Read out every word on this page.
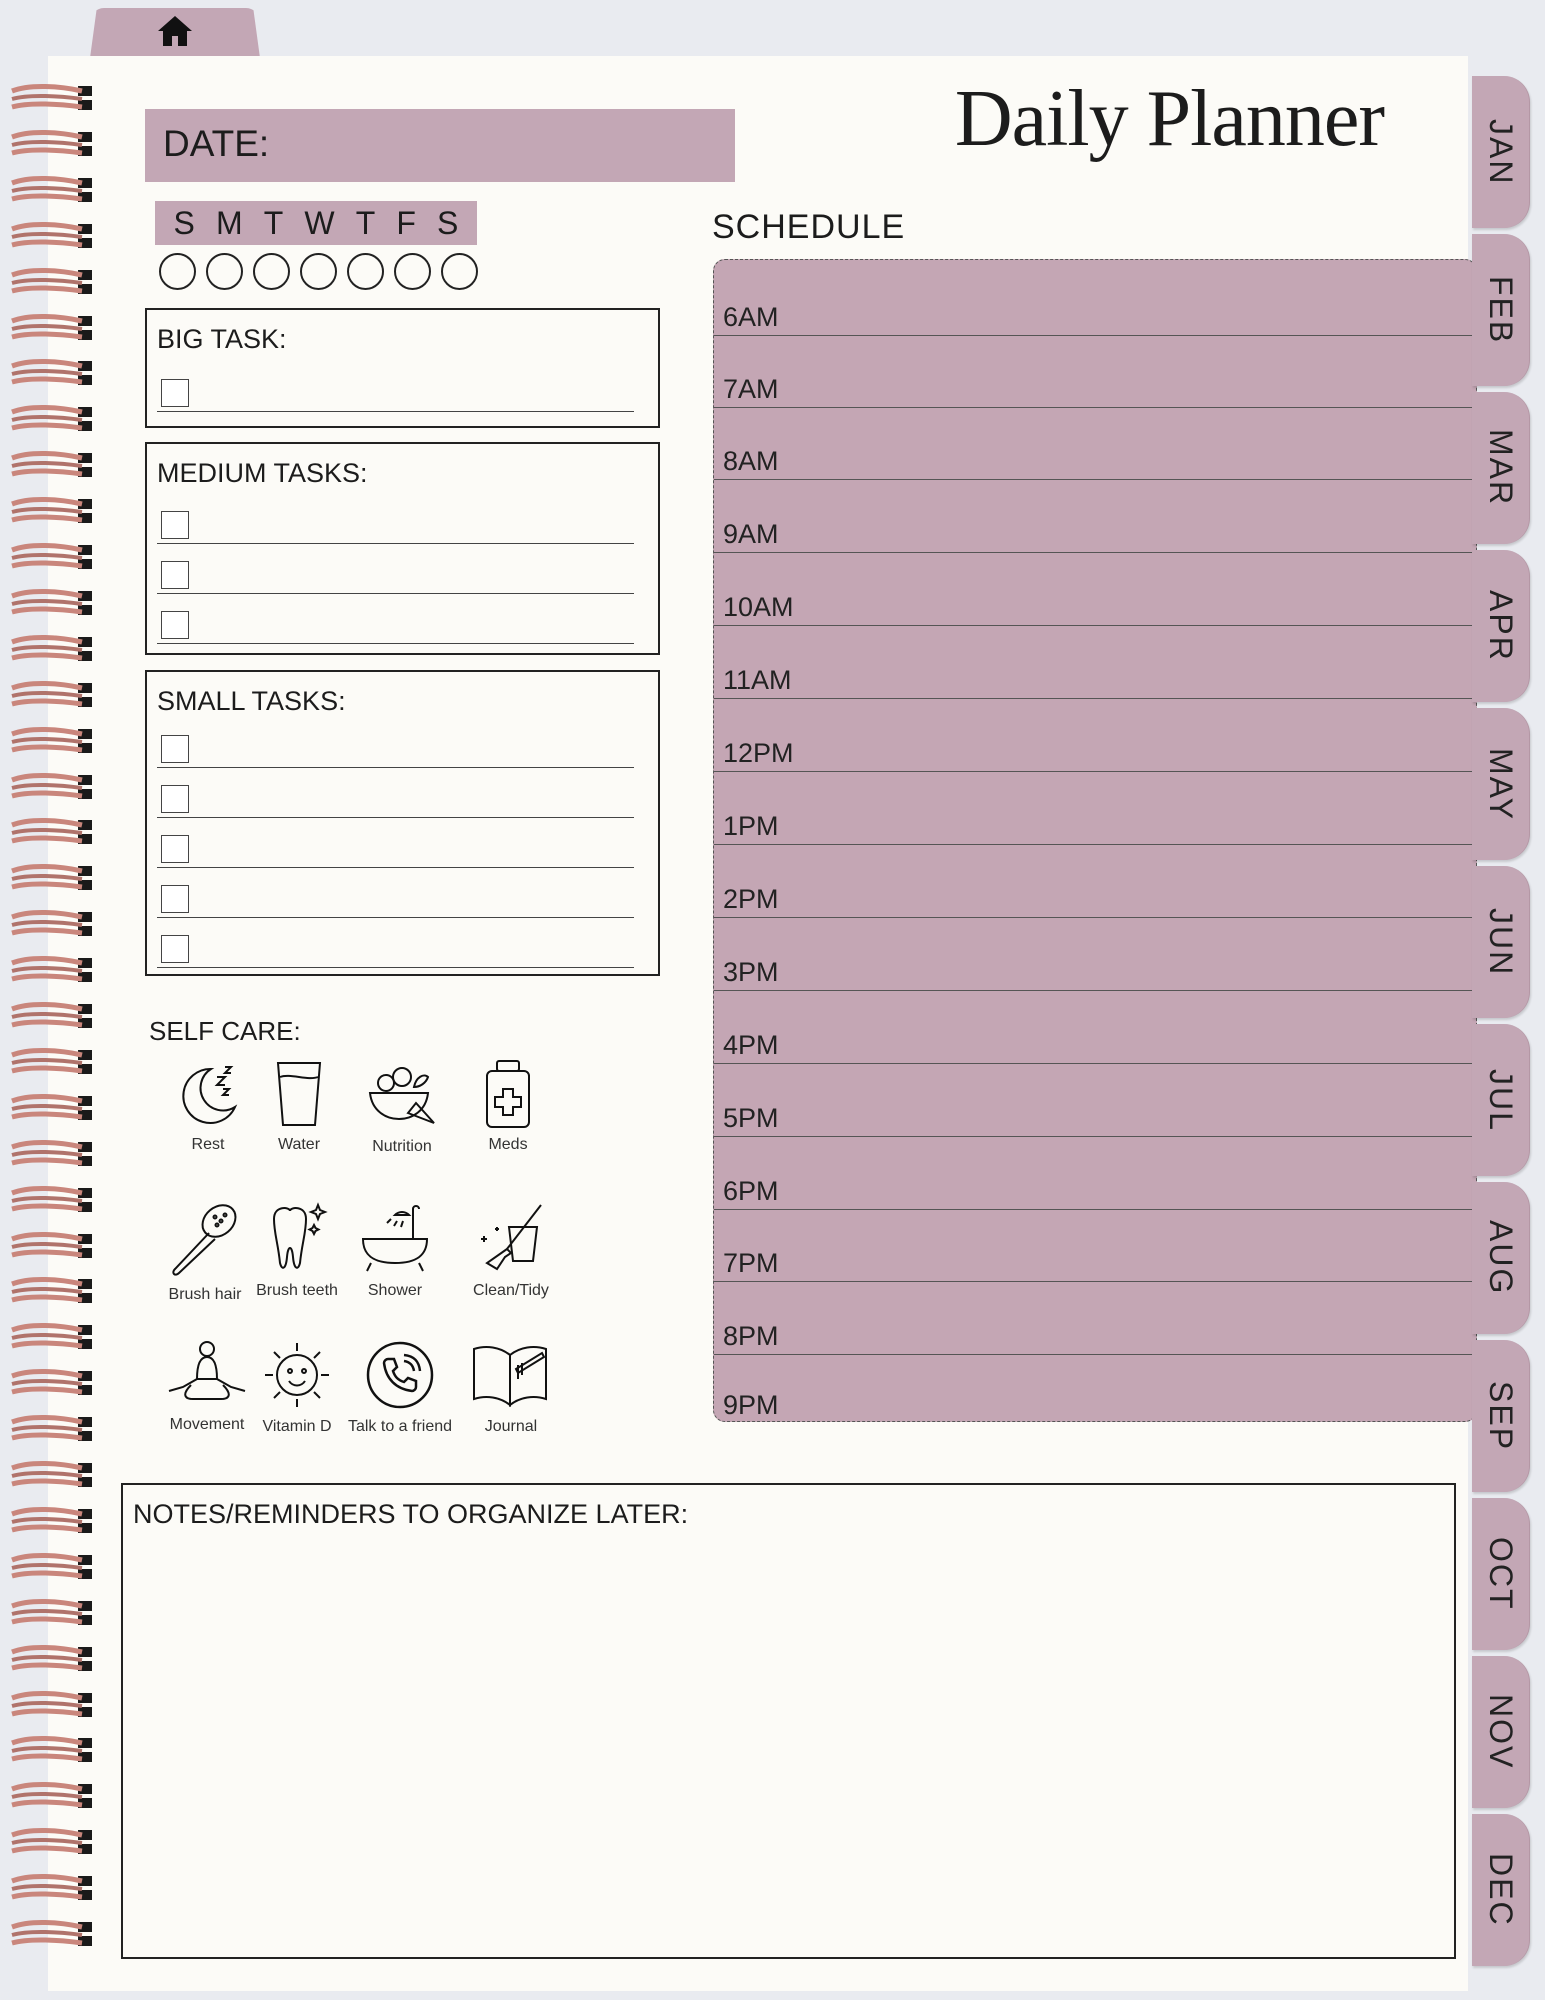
Daily Planner
DATE:
S M T W T F S
BIG TASK:
MEDIUM TASKS:
SMALL TASKS:
SELF CARE:
Rest	Water	Nutrition	Meds
Brush hair Brush teeth	Shower	Clean/Tidy
Movement	Vitamin D	Talk to a friend	Journal
SCHEDULE
6AM
7AM
8AM
9AM
10AM
11AM
12PM
1PM
2PM
3PM
4PM
5PM
6PM
7PM
8PM
9PM
NOTES/REMINDERS TO ORGANIZE LATER:
JAN
FEB
MAR
APR
MAY
JUN
JUL
AUG
SEP
OCT
NOV
DEC
